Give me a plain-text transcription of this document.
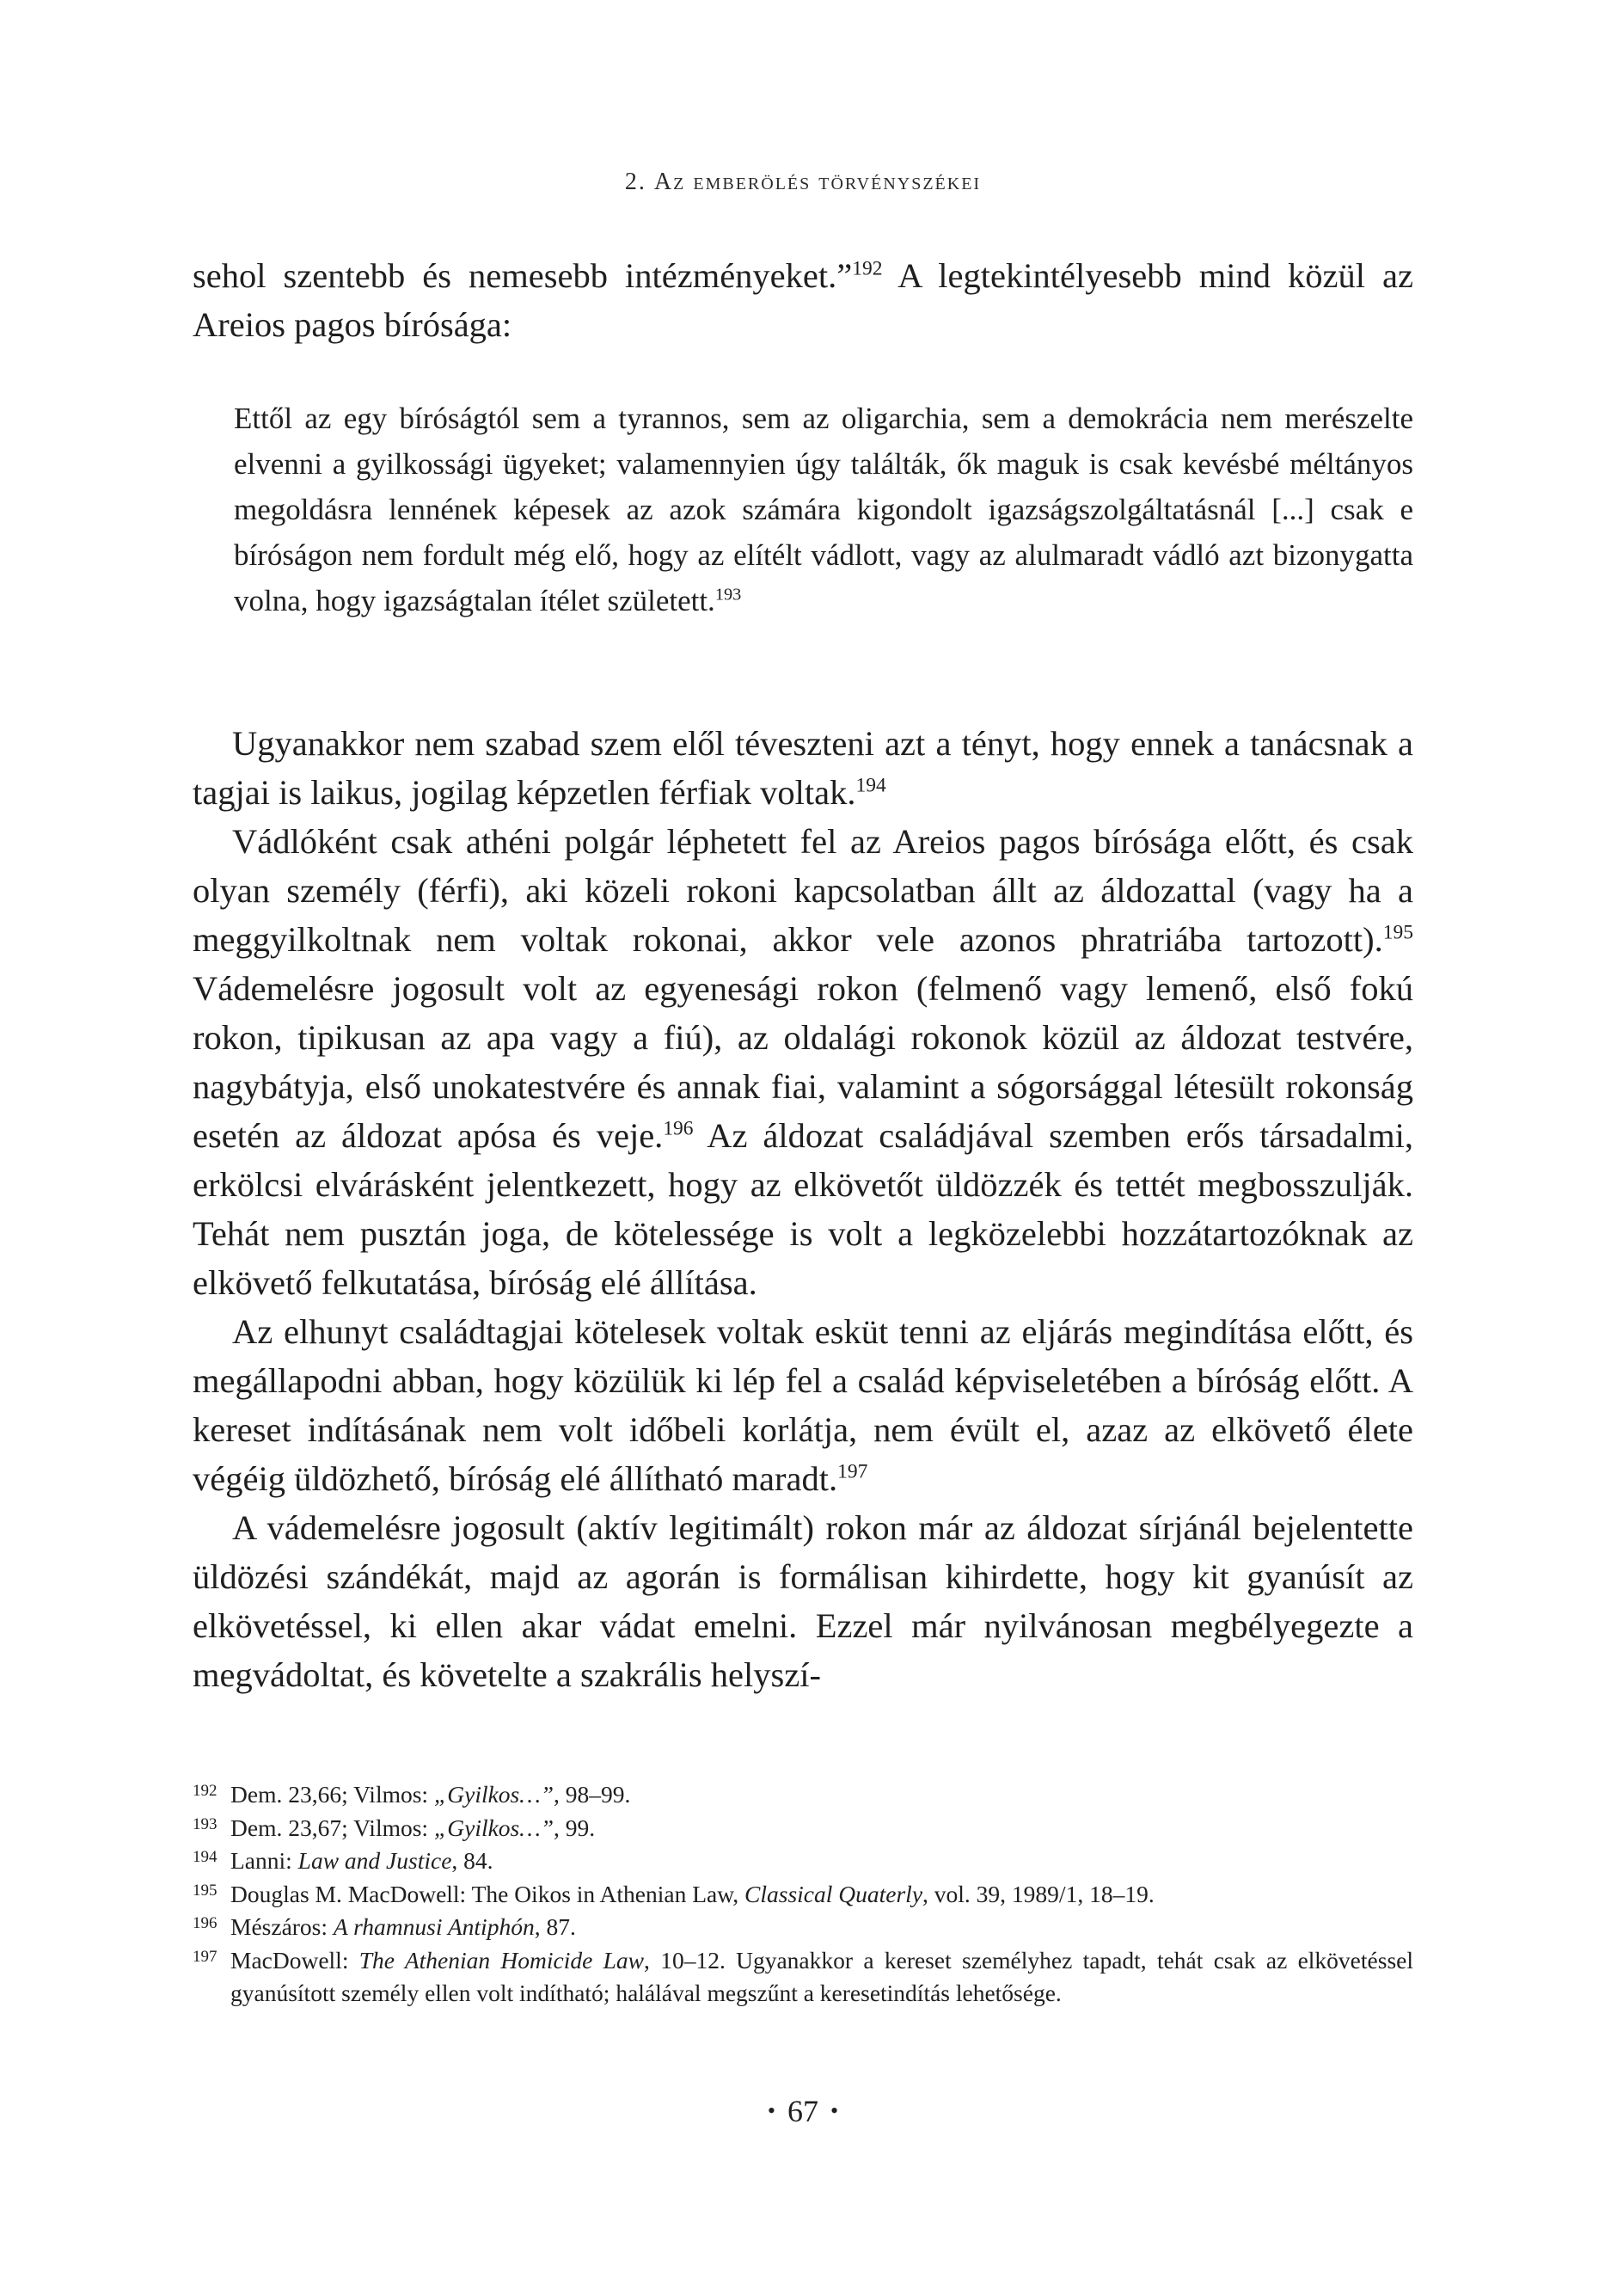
2. Az emberölés törvényszékei

sehol szentebb és nemesebb intézményeket.”$^{192}$ A legtekintélyesebb mind közül az Areios pagos bírósága:

Ettől az egy bíróságtól sem a tyrannos, sem az oligarchia, sem a demokrácia nem merészelte elvenni a gyilkossági ügyeket; valamennyien úgy találták, ők maguk is csak kevésbé méltányos megoldásra lennének képesek az azok számára kigondolt igazságszolgáltatásnál [...] csak e bíróságon nem fordult még elő, hogy az elítélt vádlott, vagy az alulmaradt vádló azt bizonygatta volna, hogy igazságtalan ítélet született.$^{193}$

Ugyanakkor nem szabad szem elől téveszteni azt a tényt, hogy ennek a tanácsnak a tagjai is laikus, jogilag képzetlen férfiak voltak.$^{194}$

Vádlóként csak athéni polgár léphetett fel az Areios pagos bírósága előtt, és csak olyan személy (férfi), aki közeli rokoni kapcsolatban állt az áldozattal (vagy ha a meggyilkoltnak nem voltak rokonai, akkor vele azonos phratriába tartozott).$^{195}$ Vádemelésre jogosult volt az egyenesági rokon (felmenő vagy lemenő, első fokú rokon, tipikusan az apa vagy a fiú), az oldalági rokonok közül az áldozat testvére, nagybátyja, első unokatestvére és annak fiai, valamint a sógorsággal létesült rokonság esetén az áldozat apósa és veje.$^{196}$ Az áldozat családjával szemben erős társadalmi, erkölcsi elvárásként jelentkezett, hogy az elkövetőt üldözzék és tettét megbosszulják. Tehát nem pusztán joga, de kötelessége is volt a legközelebbi hozzátartozóknak az elkövető felkutatása, bíróság elé állítása.

Az elhunyt családtagjai kötelesek voltak esküt tenni az eljárás megindítása előtt, és megállapodni abban, hogy közülük ki lép fel a család képviseletében a bíróság előtt. A kereset indításának nem volt időbeli korlátja, nem évült el, azaz az elkövető élete végéig üldözhető, bíróság elé állítható maradt.$^{197}$

A vádemelésre jogosult (aktív legitimált) rokon már az áldozat sírjánál bejelentette üldözési szándékát, majd az agorán is formálisan kihirdette, hogy kit gyanúsít az elkövetéssel, ki ellen akar vádat emelni. Ezzel már nyilvánosan megbélyegezte a megvádoltat, és követelte a szakrális helyszí-

192 Dem. 23,66; Vilmos: „Gyilkos…”, 98–99.
193 Dem. 23,67; Vilmos: „Gyilkos…”, 99.
194 Lanni: Law and Justice, 84.
195 Douglas M. MacDowell: The Oikos in Athenian Law, Classical Quaterly, vol. 39, 1989/1, 18–19.
196 Mészáros: A rhamnusi Antiphón, 87.
197 MacDowell: The Athenian Homicide Law, 10–12. Ugyanakkor a kereset személyhez tapadt, tehát csak az elkövetéssel gyanúsított személy ellen volt indítható; halálával megszűnt a keresetindítás lehetősége.
• 67 •
